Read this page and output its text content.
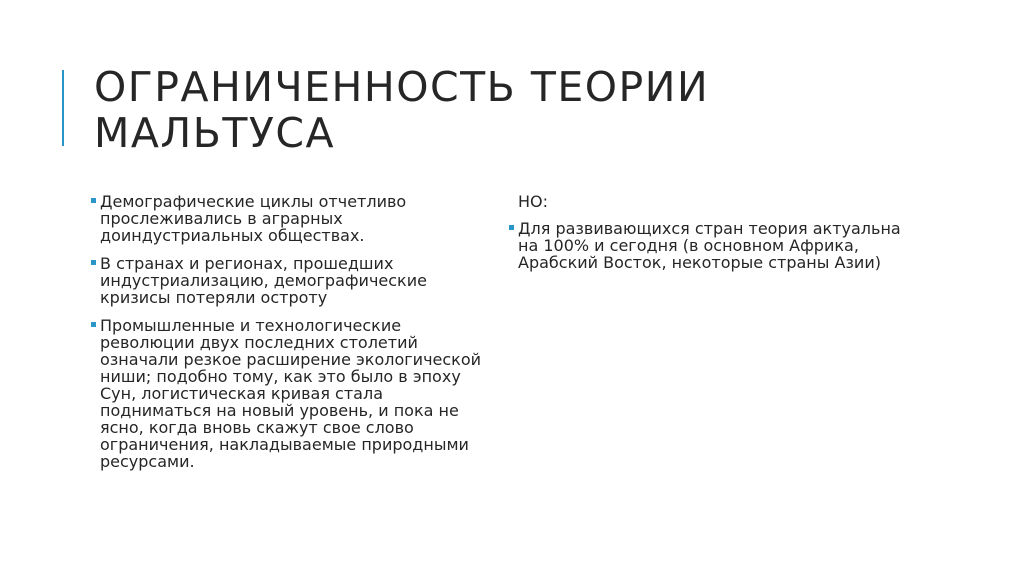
ОГРАНИЧЕННОСТЬ ТЕОРИИ МАЛЬТУСА

Демографические циклы отчетливо прослеживались в аграрных доиндустриальных обществах.

В странах и регионах, прошедших индустриализацию, демографические кризисы потеряли остроту

Промышленные и технологические революции двух последних столетий означали резкое расширение экологической ниши; подобно тому, как это было в эпоху Сун, логистическая кривая стала подниматься на новый уровень, и пока не ясно, когда вновь скажут свое слово ограничения, накладываемые природными ресурсами.

НО:

Для развивающихся стран теория актуальна на 100% и сегодня (в основном Африка, Арабский Восток, некоторые страны Азии)
